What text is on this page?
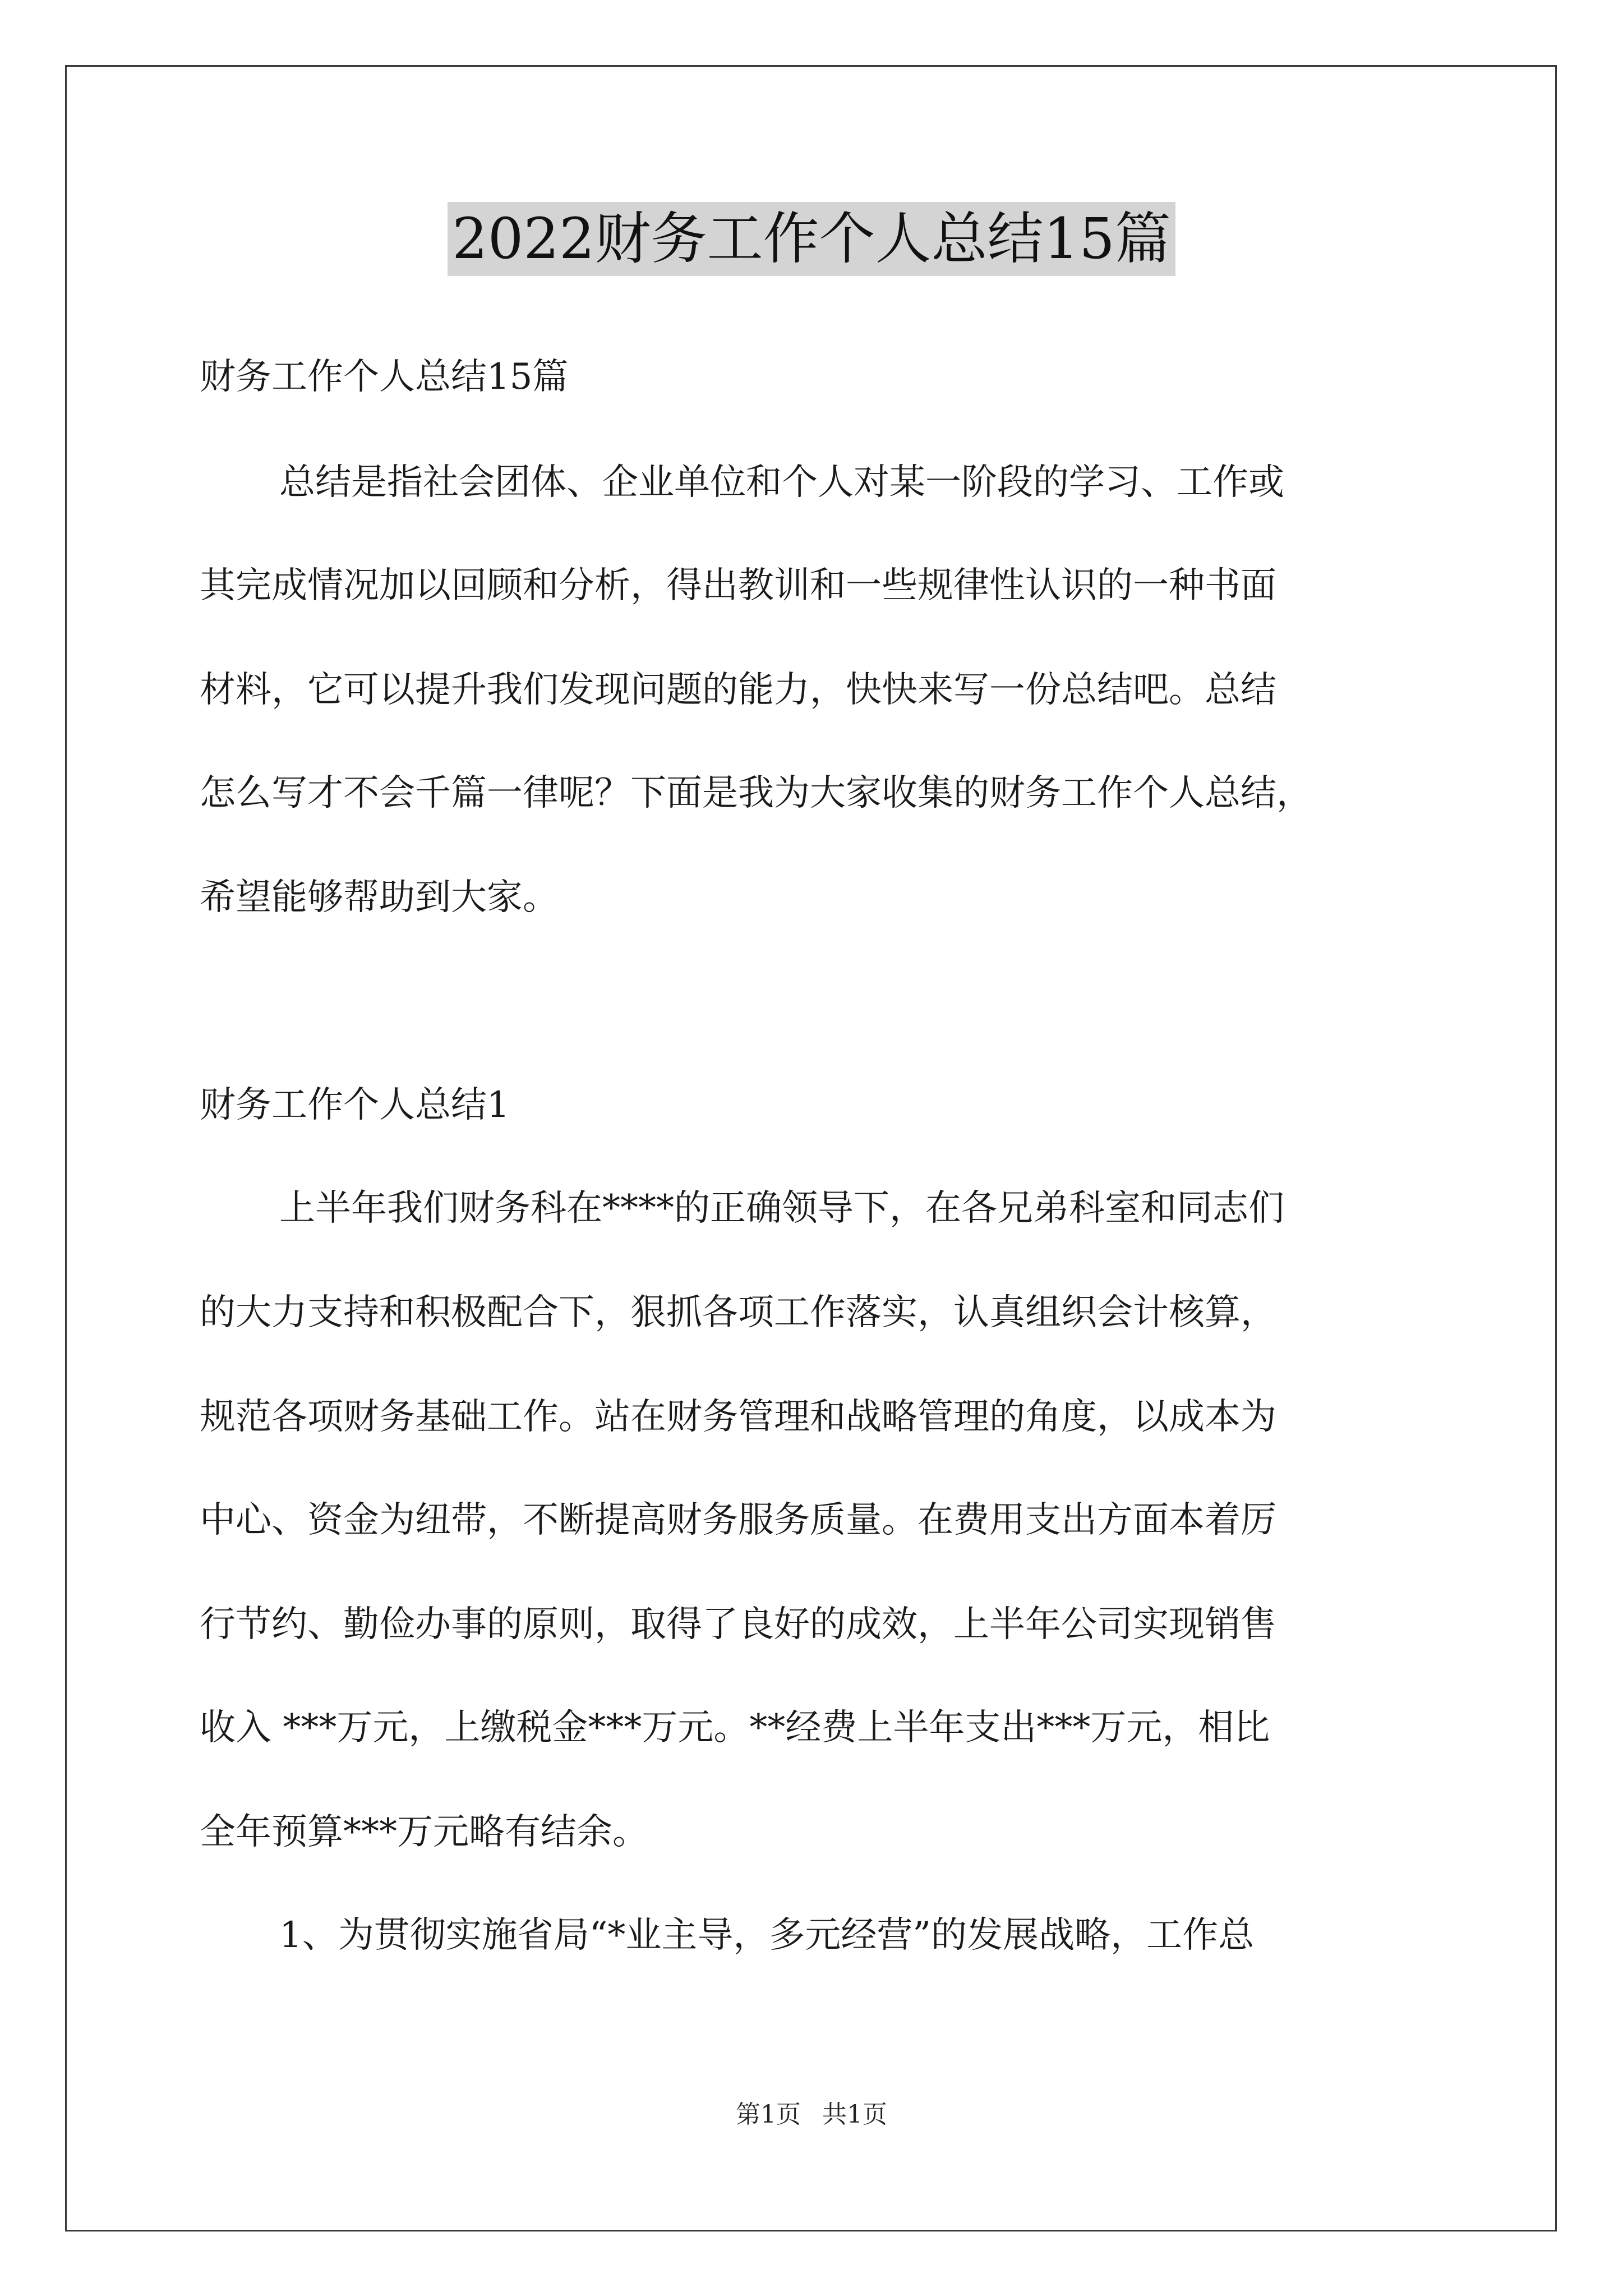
2022财务工作个人总结15篇
财务工作个人总结15篇
总结是指社会团体、企业单位和个人对某一阶段的学习、工作或
其完成情况加以回顾和分析，得出教训和一些规律性认识的一种书面
材料，它可以提升我们发现问题的能力，快快来写一份总结吧。总结
怎么写才不会千篇一律呢？下面是我为大家收集的财务工作个人总结，
希望能够帮助到大家。
财务工作个人总结1
上半年我们财务科在****的正确领导下，在各兄弟科室和同志们
的大力支持和积极配合下，狠抓各项工作落实，认真组织会计核算，
规范各项财务基础工作。站在财务管理和战略管理的角度，以成本为
中心、资金为纽带，不断提高财务服务质量。在费用支出方面本着厉
行节约、勤俭办事的原则，取得了良好的成效，上半年公司实现销售
收入 ***万元，上缴税金***万元。**经费上半年支出***万元，相比
全年预算***万元略有结余。
1、为贯彻实施省局“*业主导，多元经营”的发展战略，工作总
第1页 共1页
